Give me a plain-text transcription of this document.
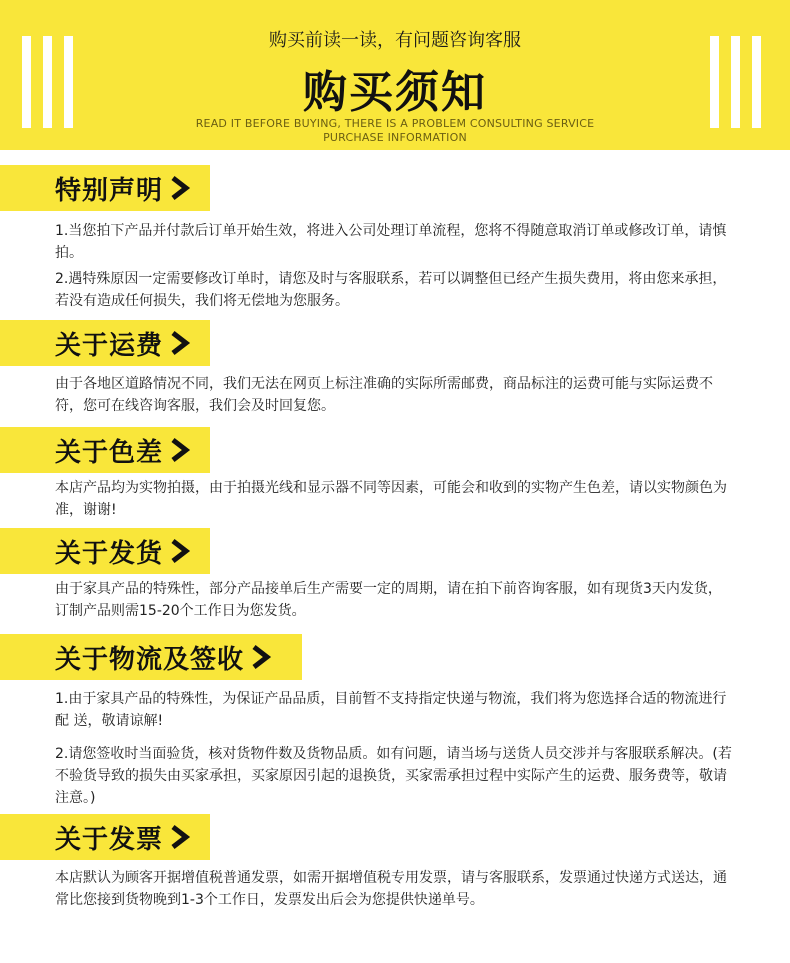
购买前读一读，有问题咨询客服
购买须知
READ IT BEFORE BUYING, THERE IS A PROBLEM CONSULTING SERVICE
PURCHASE INFORMATION
特别声明
1.当您拍下产品并付款后订单开始生效，将进入公司处理订单流程，您将不得随意取消订单或修改订单，请慎拍。
2.遇特殊原因一定需要修改订单时，请您及时与客服联系，若可以调整但已经产生损失费用，将由您来承担，若没有造成任何损失，我们将无偿地为您服务。
关于运费
由于各地区道路情况不同，我们无法在网页上标注准确的实际所需邮费，商品标注的运费可能与实际运费不符，您可在线咨询客服，我们会及时回复您。
关于色差
本店产品均为实物拍摄，由于拍摄光线和显示器不同等因素，可能会和收到的实物产生色差，请以实物颜色为准，谢谢!
关于发货
由于家具产品的特殊性，部分产品接单后生产需要一定的周期，请在拍下前咨询客服，如有现货3天内发货，订制产品则需15-20个工作日为您发货。
关于物流及签收
1.由于家具产品的特殊性，为保证产品品质，目前暂不支持指定快递与物流，我们将为您选择合适的物流进行配 送，敬请谅解!
2.请您签收时当面验货，核对货物件数及货物品质。如有问题，请当场与送货人员交涉并与客服联系解决。(若不验货导致的损失由买家承担，买家原因引起的退换货，买家需承担过程中实际产生的运费、服务费等，敬请注意。)
关于发票
本店默认为顾客开据增值税普通发票，如需开据增值税专用发票，请与客服联系，发票通过快递方式送达，通常比您接到货物晚到1-3个工作日，发票发出后会为您提供快递单号。
